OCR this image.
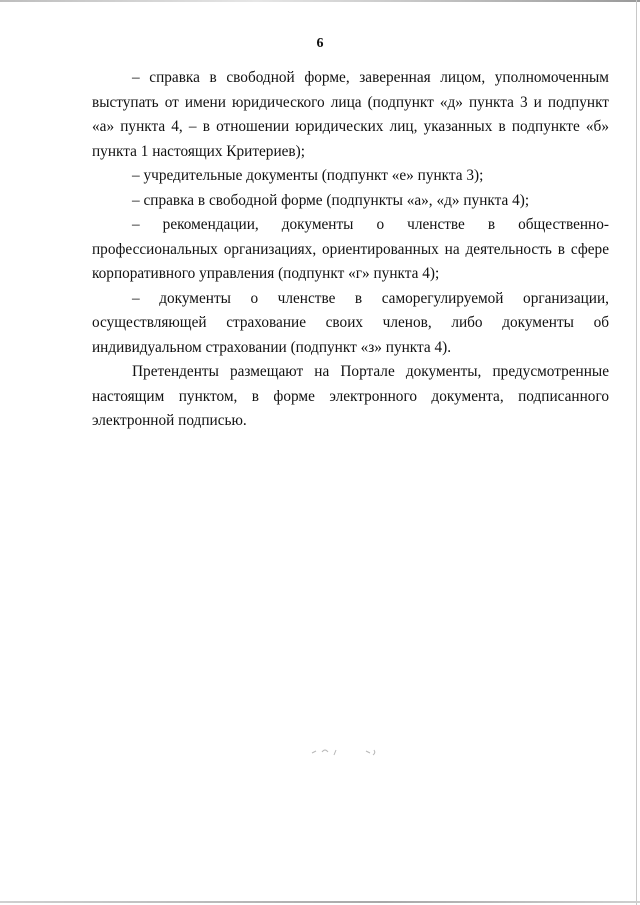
6

– справка в свободной форме, заверенная лицом, уполномоченным выступать от имени юридического лица (подпункт «д» пункта 3 и подпункт «а» пункта 4, – в отношении юридических лиц, указанных в подпункте «б» пункта 1 настоящих Критериев);

– учредительные документы (подпункт «е» пункта 3);

– справка в свободной форме (подпункты «а», «д» пункта 4);

– рекомендации, документы о членстве в общественно-профессиональных организациях, ориентированных на деятельность в сфере корпоративного управления (подпункт «г» пункта 4);

– документы о членстве в саморегулируемой организации, осуществляющей страхование своих членов, либо документы об индивидуальном страховании (подпункт «з» пункта 4).

Претенденты размещают на Портале документы, предусмотренные настоящим пунктом, в форме электронного документа, подписанного электронной подписью.
